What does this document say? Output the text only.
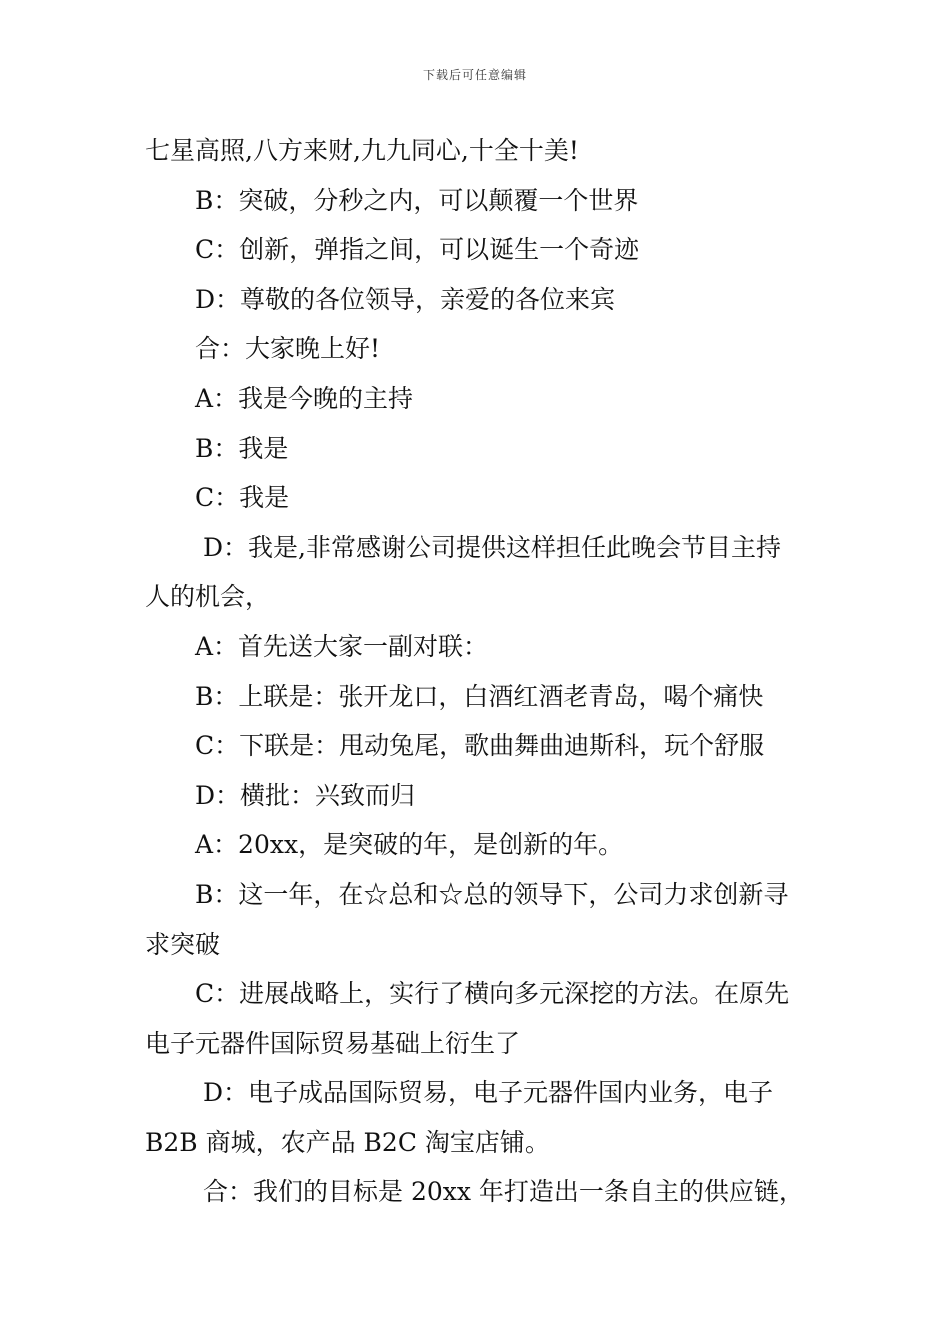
下载后可任意编辑

七星高照,八方来财,九九同心,十全十美!

B：突破，分秒之内，可以颠覆一个世界

C：创新，弹指之间，可以诞生一个奇迹

D：尊敬的各位领导，亲爱的各位来宾

合：大家晚上好!

A：我是今晚的主持

B：我是

C：我是

D：我是,非常感谢公司提供这样担任此晚会节目主持

人的机会，

A：首先送大家一副对联：

B：上联是：张开龙口，白酒红酒老青岛，喝个痛快

C：下联是：甩动兔尾，歌曲舞曲迪斯科，玩个舒服

D：横批：兴致而归

A：20xx，是突破的年，是创新的年。

B：这一年，在☆总和☆总的领导下，公司力求创新寻

求突破

C：进展战略上，实行了横向多元深挖的方法。在原先

电子元器件国际贸易基础上衍生了

D：电子成品国际贸易，电子元器件国内业务，电子

B2B 商城，农产品 B2C 淘宝店铺。

合：我们的目标是 20xx 年打造出一条自主的供应链，
